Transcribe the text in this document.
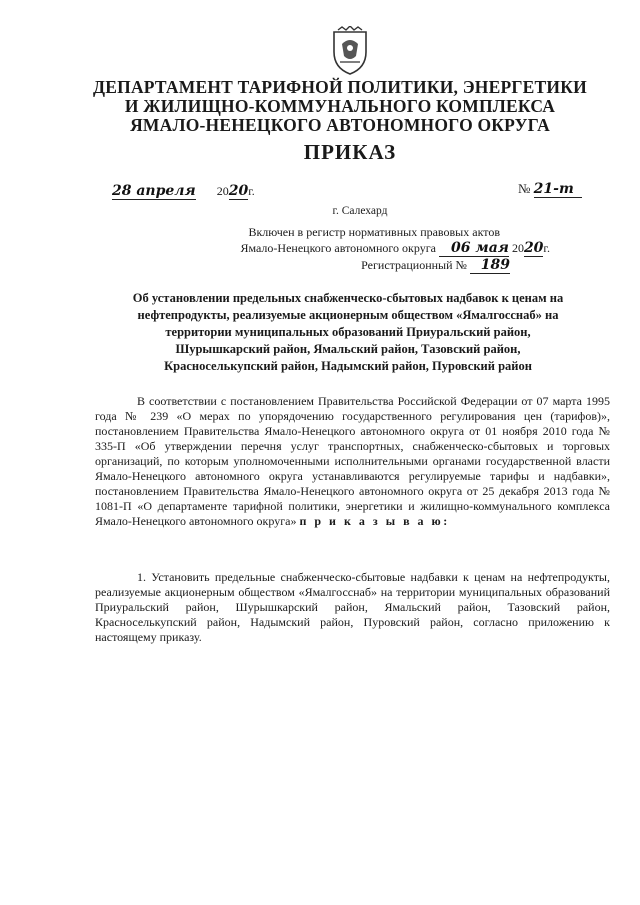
ДЕПАРТАМЕНТ ТАРИФНОЙ ПОЛИТИКИ, ЭНЕРГЕТИКИ
И ЖИЛИЩНО-КОММУНАЛЬНОГО КОМПЛЕКСА
ЯМАЛО-НЕНЕЦКОГО АВТОНОМНОГО ОКРУГА
ПРИКАЗ
28 апреля 2020г.	№ 21-т
г. Салехард
Включен в регистр нормативных правовых актов
Ямало-Ненецкого автономного округа 06 мая 2020г.
Регистрационный № 189
Об установлении предельных снабженческо-сбытовых надбавок к ценам на
нефтепродукты, реализуемые акционерным обществом «Ямалгосснаб» на
территории муниципальных образований Приуральский район,
Шурышкарский район, Ямальский район, Тазовский район,
Красноселькупский район, Надымский район, Пуровский район
В соответствии с постановлением Правительства Российской Федерации от 07 марта 1995 года № 239 «О мерах по упорядочению государственного регулирования цен (тарифов)», постановлением Правительства Ямало-Ненецкого автономного округа от 01 ноября 2010 года № 335-П «Об утверждении перечня услуг транспортных, снабженческо-сбытовых и торговых организаций, по которым уполномоченными исполнительными органами государственной власти Ямало-Ненецкого автономного округа устанавливаются регулируемые тарифы и надбавки», постановлением Правительства Ямало-Ненецкого автономного округа от 25 декабря 2013 года № 1081-П «О департаменте тарифной политики, энергетики и жилищно-коммунального комплекса Ямало-Ненецкого автономного округа» п р и к а з ы в а ю:
1. Установить предельные снабженческо-сбытовые надбавки к ценам на нефтепродукты, реализуемые акционерным обществом «Ямалгосснаб» на территории муниципальных образований Приуральский район, Шурышкарский район, Ямальский район, Тазовский район, Красноселькупский район, Надымский район, Пуровский район, согласно приложению к настоящему приказу.
